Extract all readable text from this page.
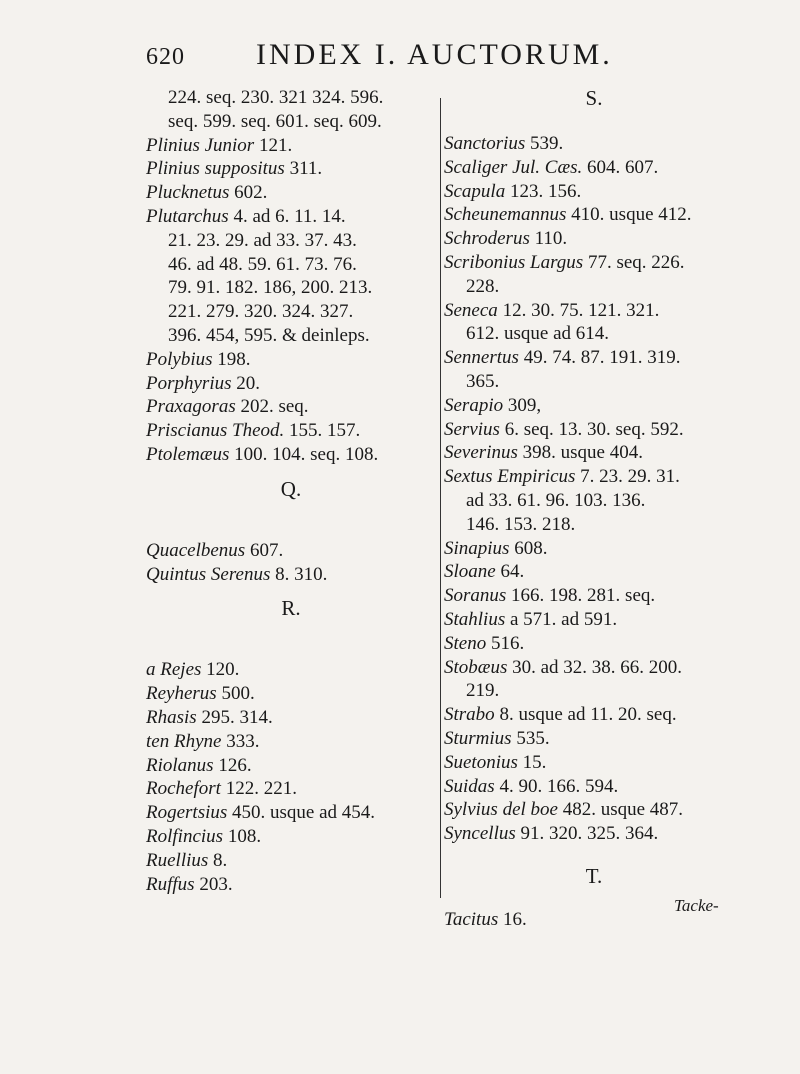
620 INDEX I. AUCTORUM.
224. seq. 230. 321 324. 596.
seq. 599. seq. 601. seq. 609.
Plinius Junior 121.
Plinius suppositus 311.
Plucknetus 602.
Plutarchus 4. ad 6. 11. 14.
21. 23. 29. ad 33. 37. 43.
46. ad 48. 59. 61. 73. 76.
79. 91. 182. 186, 200. 213.
221. 279. 320. 324. 327.
396. 454, 595. & deinleps.
Polybius 198.
Porphyrius 20.
Praxagoras 202. seq.
Priscianus Theod. 155. 157.
Ptolemæus 100. 104. seq. 108.
Q.
Quacelbenus 607.
Quintus Serenus 8. 310.
R.
a Rejes 120.
Reyherus 500.
Rhasis 295. 314.
ten Rhyne 333.
Riolanus 126.
Rochefort 122. 221.
Rogertsius 450. usque ad 454.
Rolfincius 108.
Ruellius 8.
Ruffus 203.
S.
Sanctorius 539.
Scaliger Jul. Cæs. 604. 607.
Scapula 123. 156.
Scheunemannus 410. usque 412.
Schroderus 110.
Scribonius Largus 77. seq. 226.
228.
Seneca 12. 30. 75. 121. 321.
612. usque ad 614.
Sennertus 49. 74. 87. 191. 319.
365.
Serapio 309,
Servius 6. seq. 13. 30. seq. 592.
Severinus 398. usque 404.
Sextus Empiricus 7. 23. 29. 31.
ad 33. 61. 96. 103. 136.
146. 153. 218.
Sinapius 608.
Sloane 64.
Soranus 166. 198. 281. seq.
Stahlius a 571. ad 591.
Steno 516.
Stobæus 30. ad 32. 38. 66. 200.
219.
Strabo 8. usque ad 11. 20. seq.
Sturmius 535.
Suetonius 15.
Suidas 4. 90. 166. 594.
Sylvius del boe 482. usque 487.
Syncellus 91. 320. 325. 364.
T.
Tacitus 16.
Tacke-
